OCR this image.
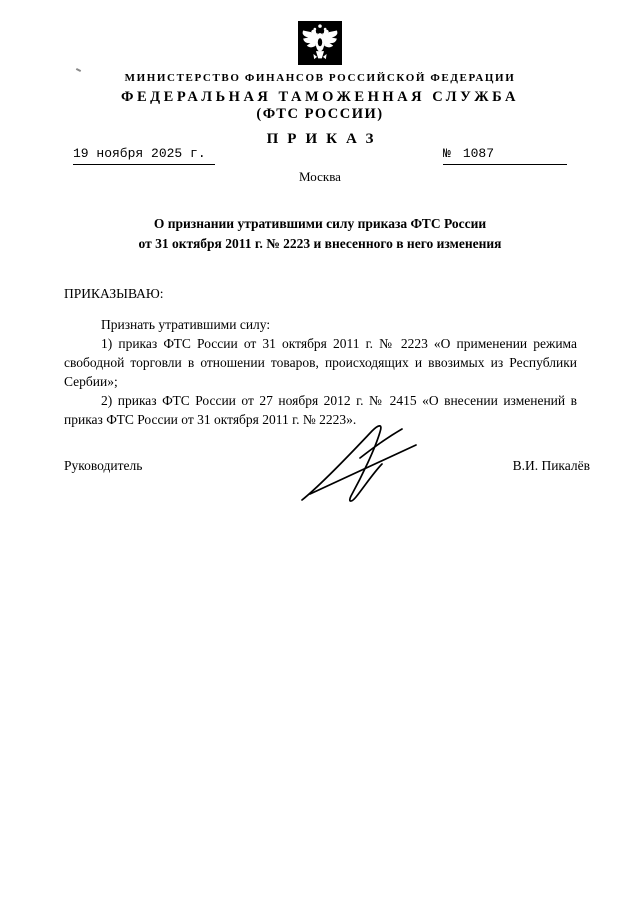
МИНИСТЕРСТВО ФИНАНСОВ РОССИЙСКОЙ ФЕДЕРАЦИИ
ФЕДЕРАЛЬНАЯ ТАМОЖЕННАЯ СЛУЖБА
(ФТС РОССИИ)
ПРИКАЗ
19 ноября 2025 г.	№ 1087
Москва
О признании утратившими силу приказа ФТС России
от 31 октября 2011 г. № 2223 и внесенного в него изменения
ПРИКАЗЫВАЮ:

Признать утратившими силу:

1) приказ ФТС России от 31 октября 2011 г. № 2223 «О применении режима свободной торговли в отношении товаров, происходящих и ввозимых из Республики Сербии»;

2) приказ ФТС России от 27 ноября 2012 г. № 2415 «О внесении изменений в приказ ФТС России от 31 октября 2011 г. № 2223».

Руководитель	В.И. Пикалёв
